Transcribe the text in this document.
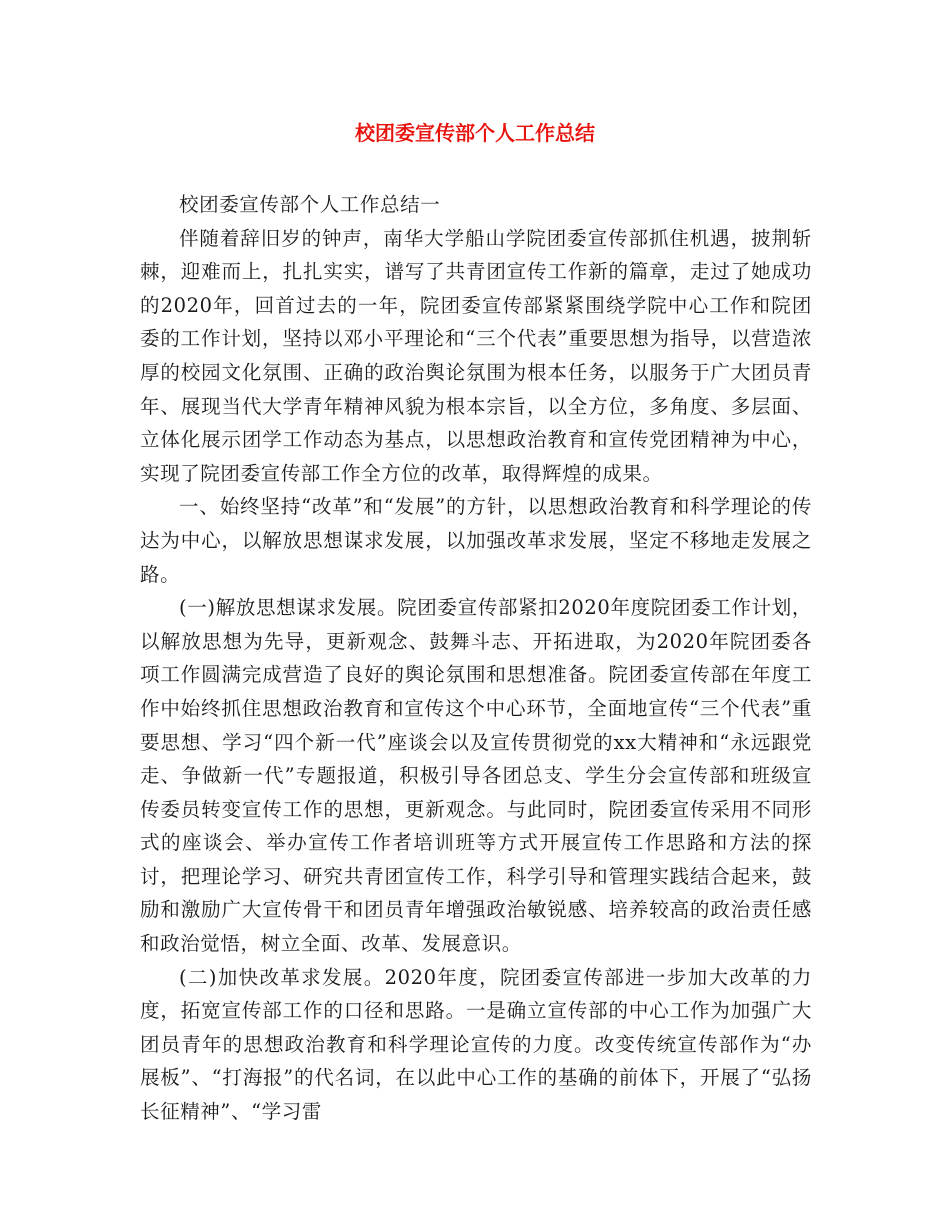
校团委宣传部个人工作总结

校团委宣传部个人工作总结一

伴随着辞旧岁的钟声，南华大学船山学院团委宣传部抓住机遇，披荆斩棘，迎难而上，扎扎实实，谱写了共青团宣传工作新的篇章，走过了她成功的2020年，回首过去的一年，院团委宣传部紧紧围绕学院中心工作和院团委的工作计划，坚持以邓小平理论和“三个代表”重要思想为指导，以营造浓厚的校园文化氛围、正确的政治舆论氛围为根本任务，以服务于广大团员青年、展现当代大学青年精神风貌为根本宗旨，以全方位，多角度、多层面、立体化展示团学工作动态为基点，以思想政治教育和宣传党团精神为中心，实现了院团委宣传部工作全方位的改革，取得辉煌的成果。

一、始终坚持“改革”和“发展”的方针，以思想政治教育和科学理论的传达为中心，以解放思想谋求发展，以加强改革求发展，坚定不移地走发展之路。

(一)解放思想谋求发展。院团委宣传部紧扣2020年度院团委工作计划，以解放思想为先导，更新观念、鼓舞斗志、开拓进取，为2020年院团委各项工作圆满完成营造了良好的舆论氛围和思想准备。院团委宣传部在年度工作中始终抓住思想政治教育和宣传这个中心环节，全面地宣传“三个代表”重要思想、学习“四个新一代”座谈会以及宣传贯彻党的xx大精神和“永远跟党走、争做新一代”专题报道，积极引导各团总支、学生分会宣传部和班级宣传委员转变宣传工作的思想，更新观念。与此同时，院团委宣传采用不同形式的座谈会、举办宣传工作者培训班等方式开展宣传工作思路和方法的探讨，把理论学习、研究共青团宣传工作，科学引导和管理实践结合起来，鼓励和激励广大宣传骨干和团员青年增强政治敏锐感、培养较高的政治责任感和政治觉悟，树立全面、改革、发展意识。

(二)加快改革求发展。2020年度，院团委宣传部进一步加大改革的力度，拓宽宣传部工作的口径和思路。一是确立宣传部的中心工作为加强广大团员青年的思想政治教育和科学理论宣传的力度。改变传统宣传部作为“办展板”、“打海报”的代名词，在以此中心工作的基确的前体下，开展了“弘扬长征精神”、“学习雷
